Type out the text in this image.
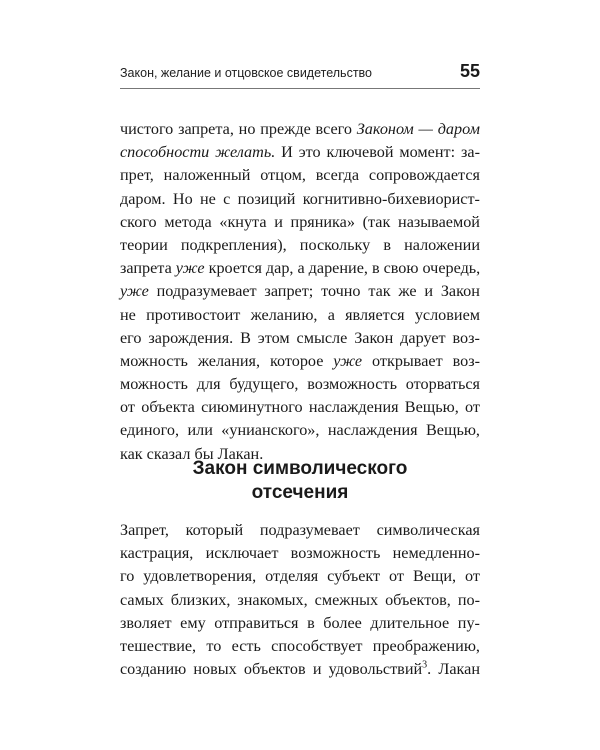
Закон, желание и отцовское свидетельство	55
чистого запрета, но прежде всего Законом — даром
способности желать. И это ключевой момент: за-
прет, наложенный отцом, всегда сопровождается
даром. Но не с позиций когнитивно-бихевиорист-
ского метода «кнута и пряника» (так называемой
теории подкрепления), поскольку в наложении
запрета уже кроется дар, а дарение, в свою очередь,
уже подразумевает запрет; точно так же и Закон
не противостоит желанию, а является условием
его зарождения. В этом смысле Закон дарует воз-
можность желания, которое уже открывает воз-
можность для будущего, возможность оторваться
от объекта сиюминутного наслаждения Вещью, от
единого, или «унианского», наслаждения Вещью,
как сказал бы Лакан.
Закон символического
отсечения
Запрет, который подразумевает символическая
кастрация, исключает возможность немедленно-
го удовлетворения, отделяя субъект от Вещи, от
самых близких, знакомых, смежных объектов, по-
зволяет ему отправиться в более длительное пу-
тешествие, то есть способствует преображению,
созданию новых объектов и удовольствий$^3$. Лакан
